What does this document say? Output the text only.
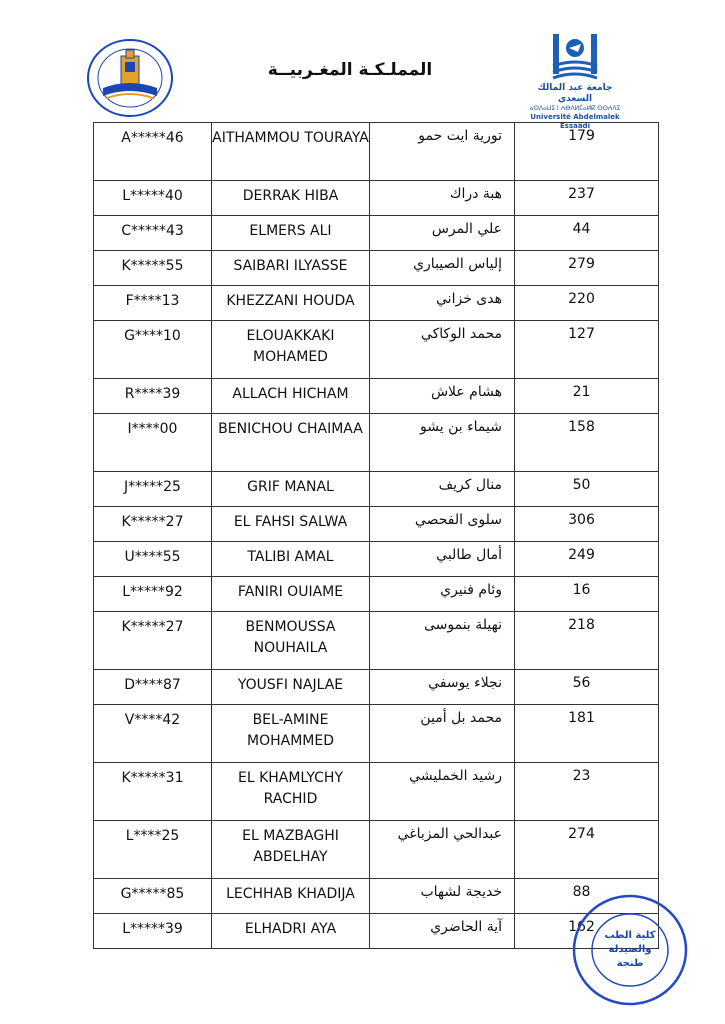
المملـكـة المغـربيــة
جامعة عبد المالك السعدي
ⴰⵙⴷⴰⵡⵉ ⵏ ⵄⴱⴷⵍⵎⴰⵍⴽ ⵙⵙⵄⴷⵉ
Université Abdelmalek Essaâdi
A*****46	AITHAMMOU TOURAYA	تورية ايت حمو	179
L*****40	DERRAK HIBA	هبة دراك	237
C*****43	ELMERS ALI	علي المرس	44
K*****55	SAIBARI ILYASSE	إلياس الصيباري	279
F****13	KHEZZANI HOUDA	هدى خزاني	220
G****10	ELOUAKKAKI MOHAMED	محمد الوكاكي	127
R****39	ALLACH HICHAM	هشام علاش	21
I****00	BENICHOU CHAIMAA	شيماء بن يشو	158
J*****25	GRIF MANAL	منال كريف	50
K*****27	EL FAHSI SALWA	سلوى الفحصي	306
U****55	TALIBI AMAL	أمال طالبي	249
L*****92	FANIRI OUIAME	وئام فنيري	16
K*****27	BENMOUSSA NOUHAILA	نهيلة بنموسى	218
D****87	YOUSFI NAJLAE	نجلاء يوسفي	56
V****42	BEL-AMINE MOHAMMED	محمد بل أمين	181
K*****31	EL KHAMLYCHY RACHID	رشيد الخمليشي	23
L****25	EL MAZBAGHI ABDELHAY	عبدالحي المزباغي	274
G*****85	LECHHAB KHADIJA	خديجة لشهاب	88
L*****39	ELHADRI AYA	آية الحاضري	162
كلية الطب
والصيدلة
طنجة
